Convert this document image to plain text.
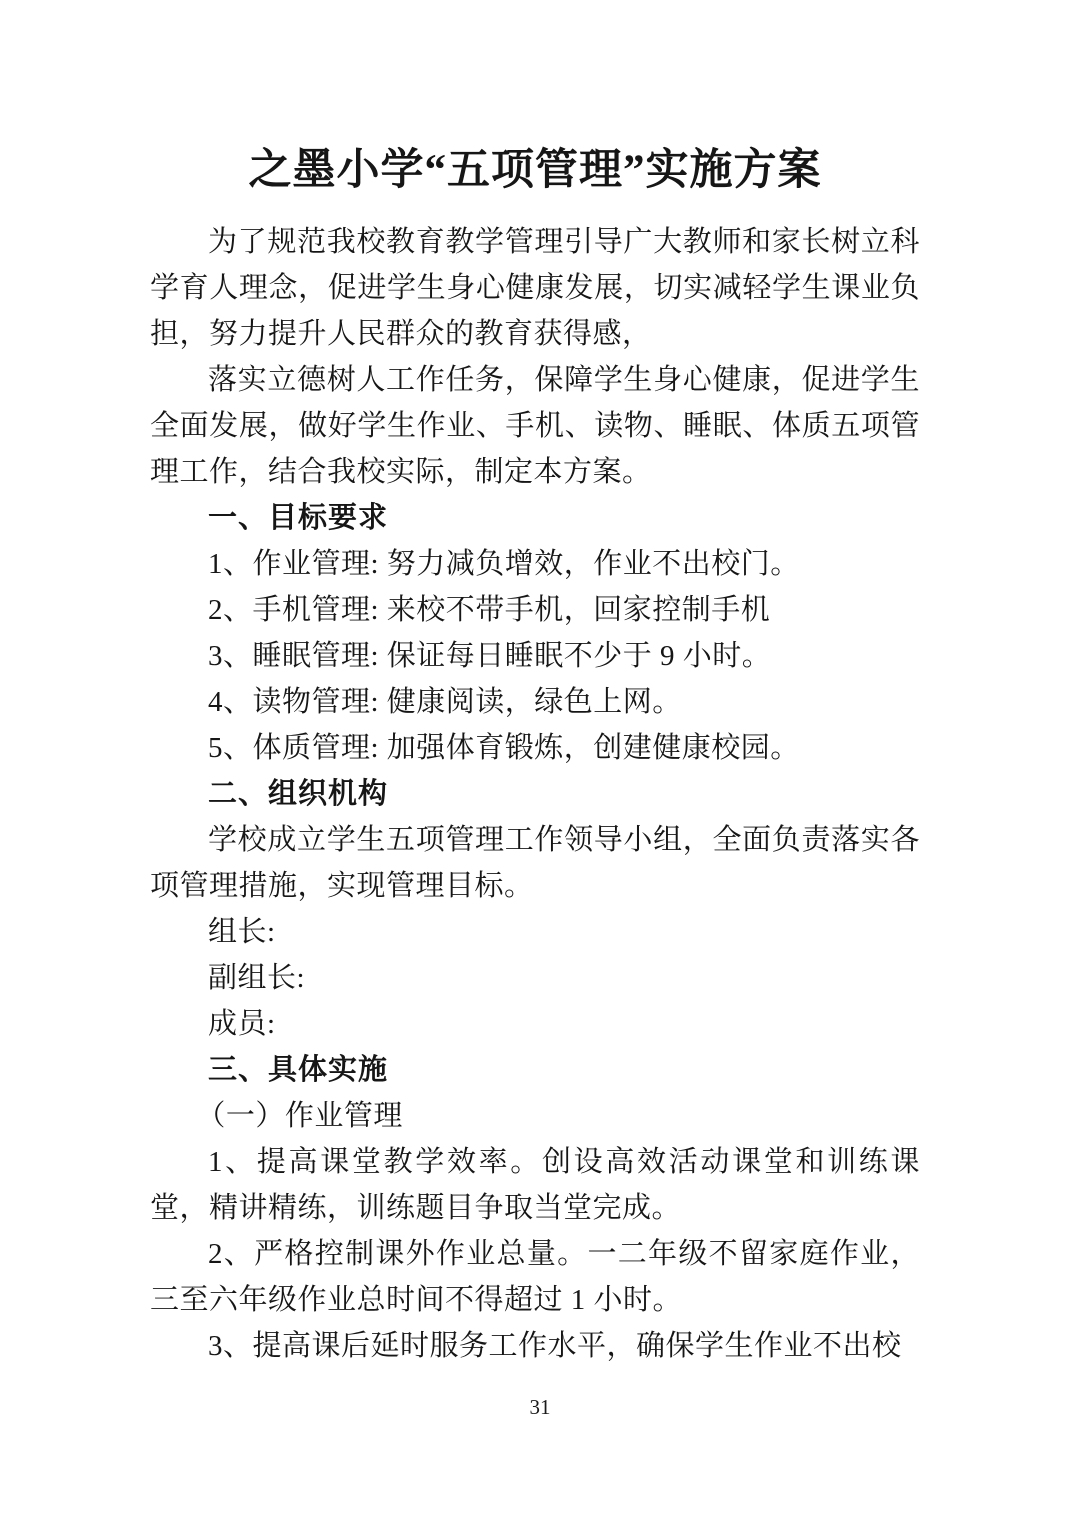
之墨小学“五项管理”实施方案
为了规范我校教育教学管理引导广大教师和家长树立科学育人理念，促进学生身心健康发展，切实减轻学生课业负担，努力提升人民群众的教育获得感，
落实立德树人工作任务，保障学生身心健康，促进学生全面发展，做好学生作业、手机、读物、睡眠、体质五项管理工作，结合我校实际，制定本方案。
一、目标要求
1、作业管理: 努力减负增效，作业不出校门。
2、手机管理: 来校不带手机，回家控制手机
3、睡眠管理: 保证每日睡眠不少于 9 小时。
4、读物管理: 健康阅读，绿色上网。
5、体质管理: 加强体育锻炼，创建健康校园。
二、组织机构
学校成立学生五项管理工作领导小组，全面负责落实各项管理措施，实现管理目标。
组长:
副组长:
成员:
三、具体实施
（一）作业管理
1、提高课堂教学效率。创设高效活动课堂和训练课堂，精讲精练，训练题目争取当堂完成。
2、严格控制课外作业总量。一二年级不留家庭作业，三至六年级作业总时间不得超过 1 小时。
3、提高课后延时服务工作水平，确保学生作业不出校
31
